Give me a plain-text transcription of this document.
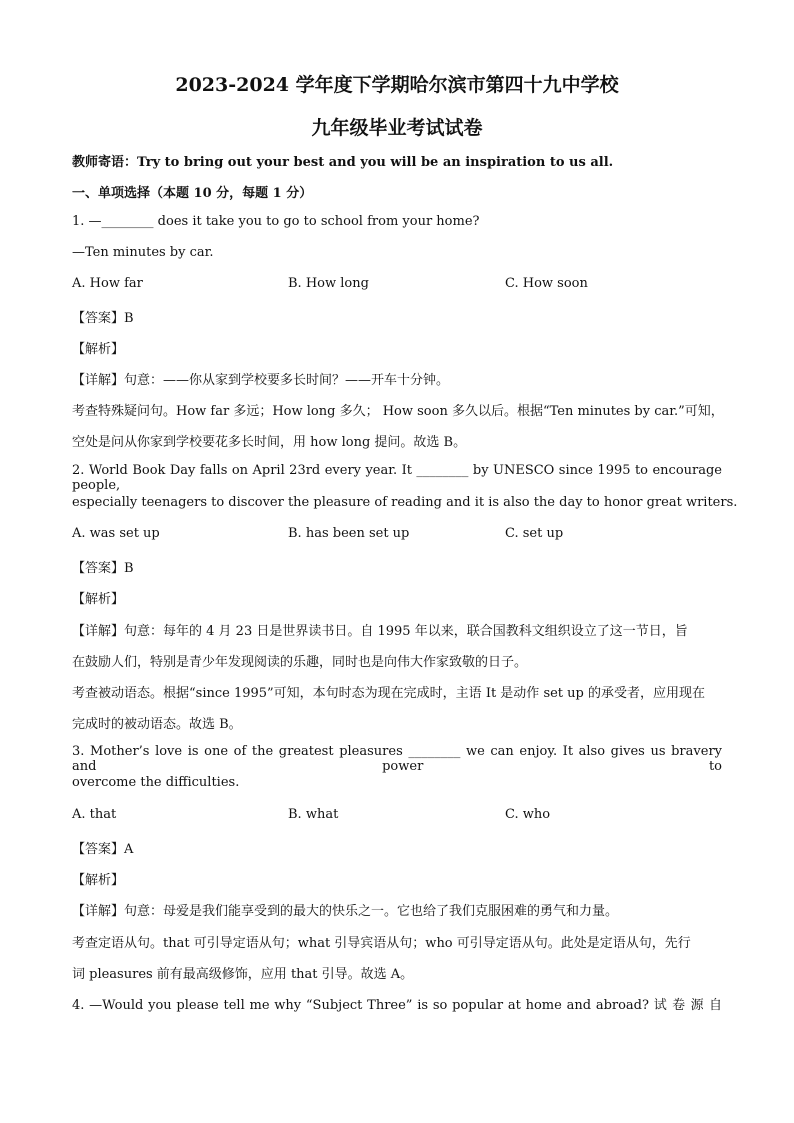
2023-2024 学年度下学期哈尔滨市第四十九中学校
九年级毕业考试试卷
教师寄语：Try to bring out your best and you will be an inspiration to us all.
一、单项选择（本题 10 分，每题 1 分）
1. —________ does it take you to go to school from your home?
—Ten minutes by car.
A. How far	B. How long	C. How soon
【答案】B
【解析】
【详解】句意：——你从家到学校要多长时间？——开车十分钟。
考查特殊疑问句。How far 多远；How long 多久； How soon 多久以后。根据“Ten minutes by car.”可知，
空处是问从你家到学校要花多长时间，用 how long 提问。故选 B。
2. World Book Day falls on April 23rd every year. It ________ by UNESCO since 1995 to encourage people,
especially teenagers to discover the pleasure of reading and it is also the day to honor great writers.
A. was set up	B. has been set up	C. set up
【答案】B
【解析】
【详解】句意：每年的 4 月 23 日是世界读书日。自 1995 年以来，联合国教科文组织设立了这一节日，旨
在鼓励人们，特别是青少年发现阅读的乐趣，同时也是向伟大作家致敬的日子。
考查被动语态。根据“since 1995”可知，本句时态为现在完成时，主语 It 是动作 set up 的承受者，应用现在
完成时的被动语态。故选 B。
3. Mother’s love is one of the greatest pleasures ________ we can enjoy. It also gives us bravery and power to
overcome the difficulties.
A. that	B. what	C. who
【答案】A
【解析】
【详解】句意：母爱是我们能享受到的最大的快乐之一。它也给了我们克服困难的勇气和力量。
考查定语从句。that 可引导定语从句；what 引导宾语从句；who 可引导定语从句。此处是定语从句，先行
词 pleasures 前有最高级修饰，应用 that 引导。故选 A。
4. —Would you please tell me why “Subject Three” is so popular at home and abroad? 试 卷 源 自
